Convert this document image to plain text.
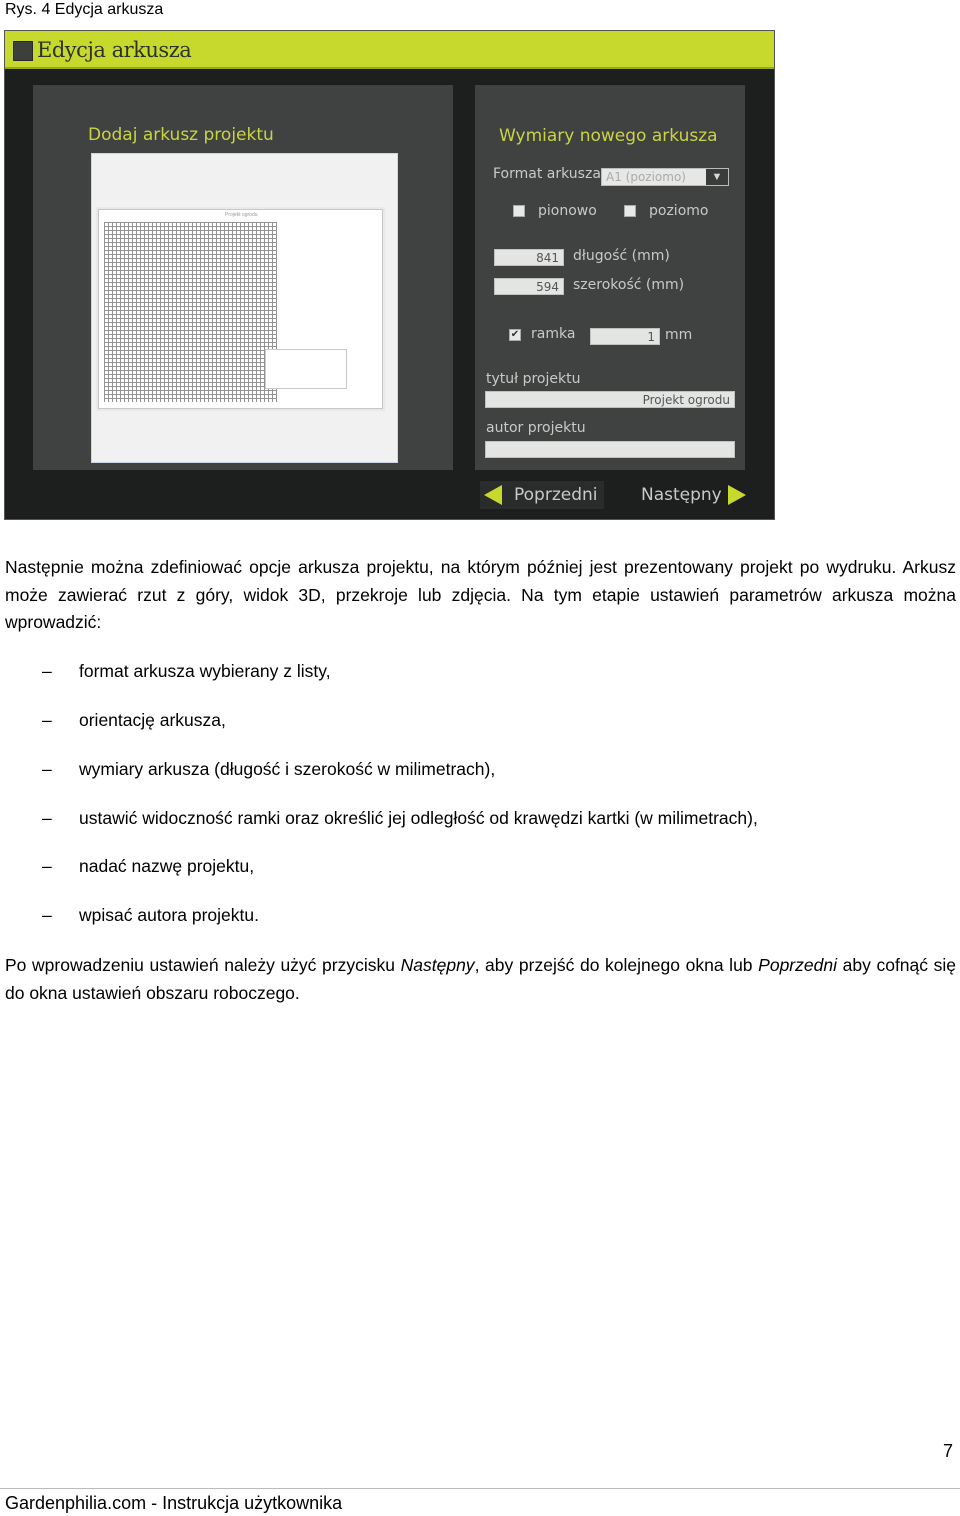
Rys. 4 Edycja arkusza
Edycja arkusza
Dodaj arkusz projektu
Projekt ogrodu
Wymiary nowego arkusza
Format arkusza A1 (poziomo)	▼
pionowo	poziomo
841	długość (mm)
594	szerokość (mm)
✔ ramka	1 mm
tytuł projektu
Projekt ogrodu
autor projektu
Poprzedni	Następny

Następnie można zdefiniować opcje arkusza projektu, na którym później jest prezentowany projekt po wydruku. Arkusz może zawierać rzut z góry, widok 3D, przekroje lub zdjęcia. Na tym etapie ustawień parametrów arkusza można wprowadzić:

– format arkusza wybierany z listy,
– orientację arkusza,
– wymiary arkusza (długość i szerokość w milimetrach),
– ustawić widoczność ramki oraz określić jej odległość od krawędzi kartki (w milimetrach),
– nadać nazwę projektu,
– wpisać autora projektu.

Po wprowadzeniu ustawień należy użyć przycisku Następny, aby przejść do kolejnego okna lub Poprzedni aby cofnąć się do okna ustawień obszaru roboczego.

7
Gardenphilia.com - Instrukcja użytkownika
